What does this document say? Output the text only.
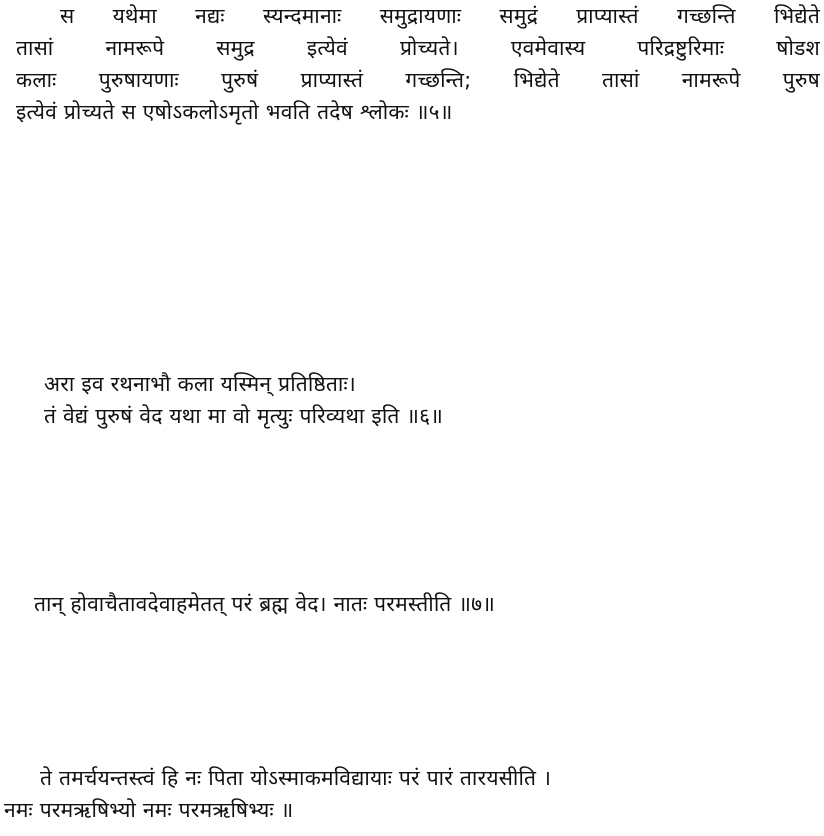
स यथेमा नद्यः स्यन्दमानाः समुद्रायणाः समुद्रं प्राप्यास्तं गच्छन्ति भिद्येते
तासां नामरूपे समुद्र इत्येवं प्रोच्यते। एवमेवास्य परिद्रष्टुरिमाः षोडश
कलाः पुरुषायणाः पुरुषं प्राप्यास्तं गच्छन्ति; भिद्येते तासां नामरूपे पुरुष
इत्येवं प्रोच्यते स एषोऽकलोऽमृतो भवति तदेष श्लोकः ॥५॥
अरा इव रथनाभौ कला यस्मिन् प्रतिष्ठिताः।
तं वेद्यं पुरुषं वेद यथा मा वो मृत्युः परिव्यथा इति ॥६॥
तान् होवाचैतावदेवाहमेतत् परं ब्रह्म वेद। नातः परमस्तीति ॥७॥
ते तमर्चयन्तस्त्वं हि नः पिता योऽस्माकमविद्यायाः परं पारं तारयसीति ।
नमः परमऋषिभ्यो नमः परमऋषिभ्यः ॥
